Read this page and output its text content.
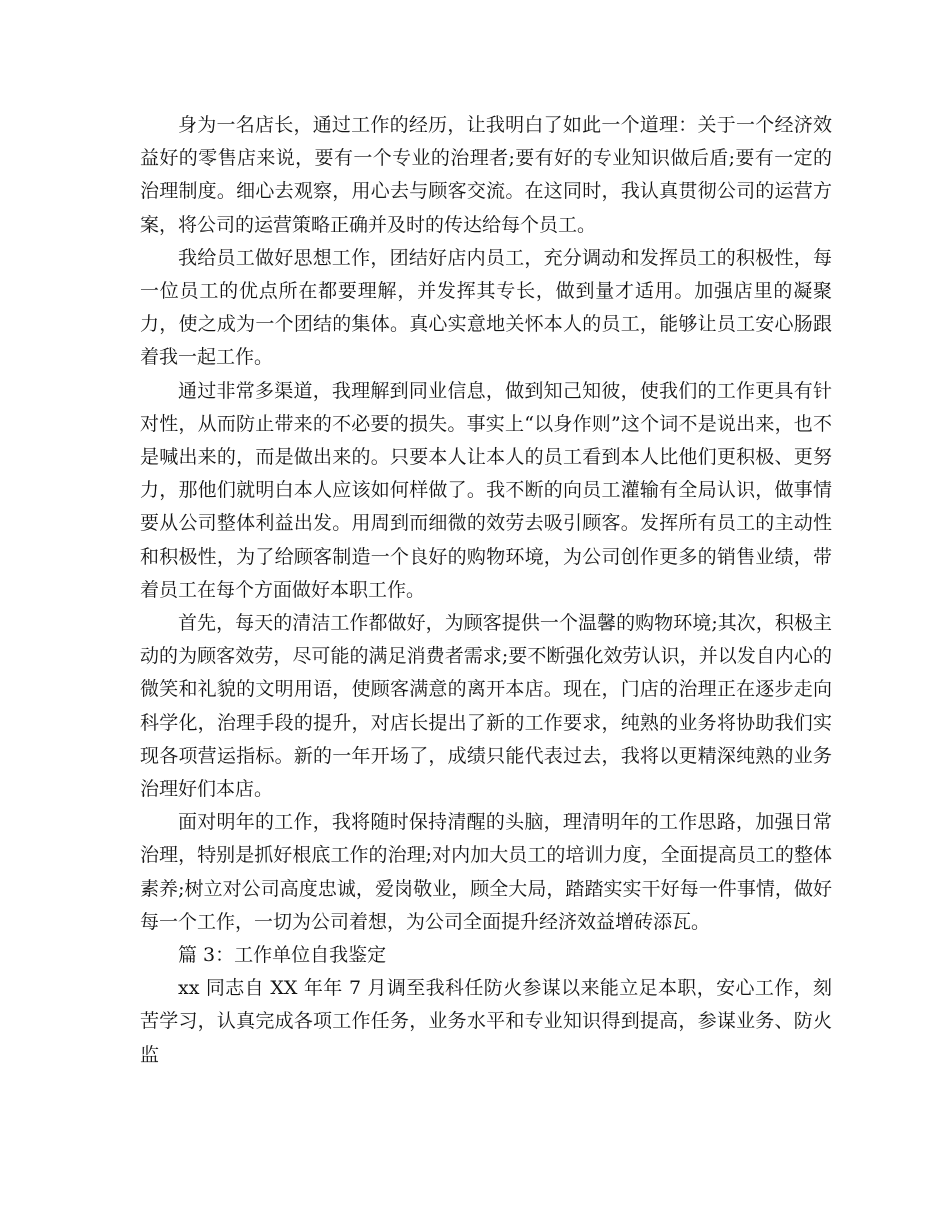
身为一名店长，通过工作的经历，让我明白了如此一个道理：关于一个经济效益好的零售店来说，要有一个专业的治理者;要有好的专业知识做后盾;要有一定的治理制度。细心去观察，用心去与顾客交流。在这同时，我认真贯彻公司的运营方案，将公司的运营策略正确并及时的传达给每个员工。

我给员工做好思想工作，团结好店内员工，充分调动和发挥员工的积极性，每一位员工的优点所在都要理解，并发挥其专长，做到量才适用。加强店里的凝聚力，使之成为一个团结的集体。真心实意地关怀本人的员工，能够让员工安心肠跟着我一起工作。

通过非常多渠道，我理解到同业信息，做到知己知彼，使我们的工作更具有针对性，从而防止带来的不必要的损失。事实上“以身作则”这个词不是说出来，也不是喊出来的，而是做出来的。只要本人让本人的员工看到本人比他们更积极、更努力，那他们就明白本人应该如何样做了。我不断的向员工灌输有全局认识，做事情要从公司整体利益出发。用周到而细微的效劳去吸引顾客。发挥所有员工的主动性和积极性，为了给顾客制造一个良好的购物环境，为公司创作更多的销售业绩，带着员工在每个方面做好本职工作。

首先，每天的清洁工作都做好，为顾客提供一个温馨的购物环境;其次，积极主动的为顾客效劳，尽可能的满足消费者需求;要不断强化效劳认识，并以发自内心的微笑和礼貌的文明用语，使顾客满意的离开本店。现在，门店的治理正在逐步走向科学化，治理手段的提升，对店长提出了新的工作要求，纯熟的业务将协助我们实现各项营运指标。新的一年开场了，成绩只能代表过去，我将以更精深纯熟的业务治理好们本店。

面对明年的工作，我将随时保持清醒的头脑，理清明年的工作思路，加强日常治理，特别是抓好根底工作的治理;对内加大员工的培训力度，全面提高员工的整体素养;树立对公司高度忠诚，爱岗敬业，顾全大局，踏踏实实干好每一件事情，做好每一个工作，一切为公司着想，为公司全面提升经济效益增砖添瓦。

篇 3：工作单位自我鉴定

xx 同志自 XX 年年 7 月调至我科任防火参谋以来能立足本职，安心工作，刻苦学习，认真完成各项工作任务，业务水平和专业知识得到提高，参谋业务、防火监
